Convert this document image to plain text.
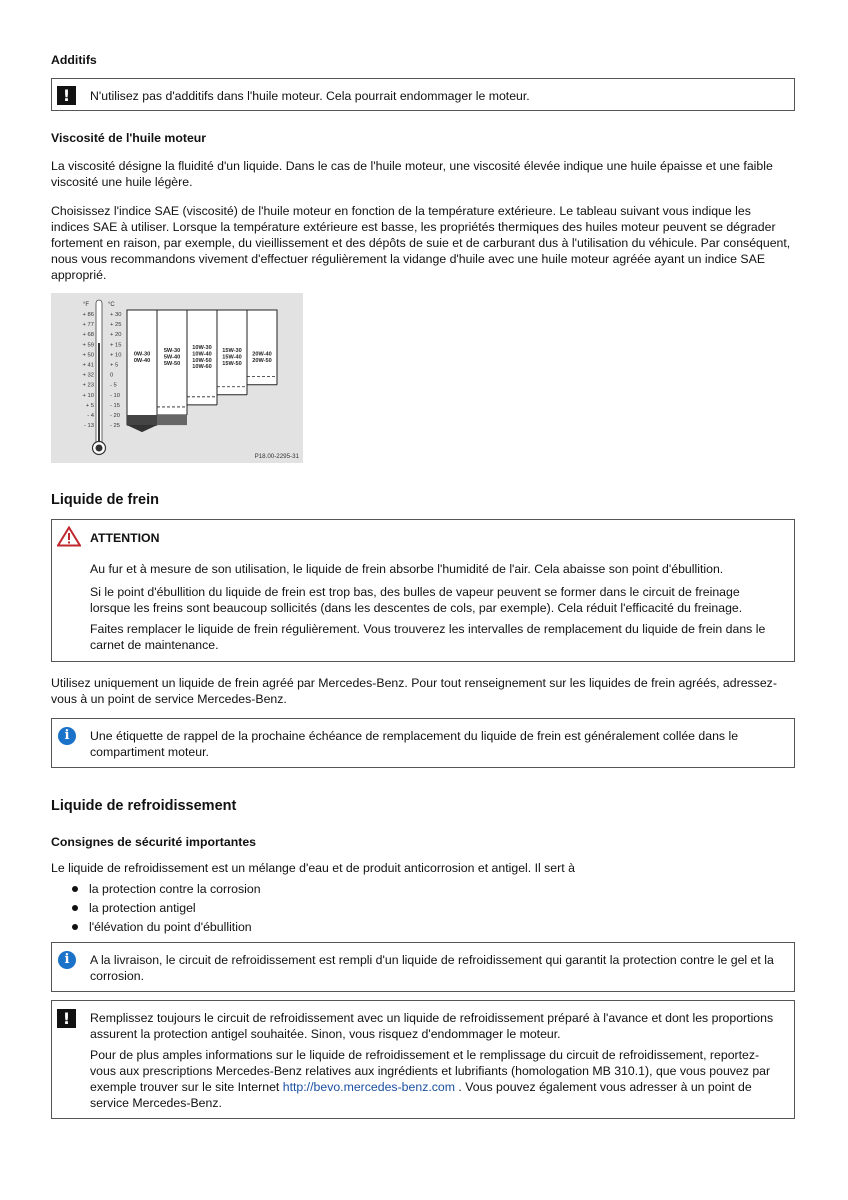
Additifs
!	N'utilisez pas d'additifs dans l'huile moteur. Cela pourrait endommager le moteur.
Viscosité de l'huile moteur

La viscosité désigne la fluidité d'un liquide. Dans le cas de l'huile moteur, une viscosité élevée indique une huile épaisse et une faible viscosité une huile légère.

Choisissez l'indice SAE (viscosité) de l'huile moteur en fonction de la température extérieure. Le tableau suivant vous indique les indices SAE à utiliser. Lorsque la température extérieure est basse, les propriétés thermiques des huiles moteur peuvent se dégrader fortement en raison, par exemple, du vieillissement et des dépôts de suie et de carburant dus à l'utilisation du véhicule. Par conséquent, nous vous recommandons vivement d'effectuer régulièrement la vidange d'huile avec une huile moteur agréée ayant un indice SAE approprié.

°F	°C
+ 86
+ 77
+ 68
+ 59
+ 50
+ 41
+ 32
+ 23
+ 10
+ 5
- 4
- 13
+ 30
+ 25
+ 20
+ 15
+ 10
+ 5
0
- 5
- 10
- 15
- 20
- 25
0W-30
0W-40
5W-30
5W-40
5W-50
10W-30
10W-40
10W-50
10W-60
15W-30
15W-40
15W-50
20W-40
20W-50
P18.00-2295-31
Liquide de frein
ATTENTION

Au fur et à mesure de son utilisation, le liquide de frein absorbe l'humidité de l'air. Cela abaisse son point d'ébullition.

Si le point d'ébullition du liquide de frein est trop bas, des bulles de vapeur peuvent se former dans le circuit de freinage lorsque les freins sont beaucoup sollicités (dans les descentes de cols, par exemple). Cela réduit l'efficacité du freinage.

Faites remplacer le liquide de frein régulièrement. Vous trouverez les intervalles de remplacement du liquide de frein dans le carnet de maintenance.

Utilisez uniquement un liquide de frein agréé par Mercedes-Benz. Pour tout renseignement sur les liquides de frein agréés, adressez-vous à un point de service Mercedes-Benz.

i	Une étiquette de rappel de la prochaine échéance de remplacement du liquide de frein est généralement collée dans le compartiment moteur.

Liquide de refroidissement
Consignes de sécurité importantes

Le liquide de refroidissement est un mélange d'eau et de produit anticorrosion et antigel. Il sert à

la protection contre la corrosion
la protection antigel
l'élévation du point d'ébullition
i	A la livraison, le circuit de refroidissement est rempli d'un liquide de refroidissement qui garantit la protection contre le gel et la corrosion.

!	Remplissez toujours le circuit de refroidissement avec un liquide de refroidissement préparé à l'avance et dont les proportions assurent la protection antigel souhaitée. Sinon, vous risquez d'endommager le moteur.

Pour de plus amples informations sur le liquide de refroidissement et le remplissage du circuit de refroidissement, reportez-vous aux prescriptions Mercedes-Benz relatives aux ingrédients et lubrifiants (homologation MB 310.1), que vous pouvez par exemple trouver sur le site Internet http://bevo.mercedes-benz.com . Vous pouvez également vous adresser à un point de service Mercedes-Benz.
